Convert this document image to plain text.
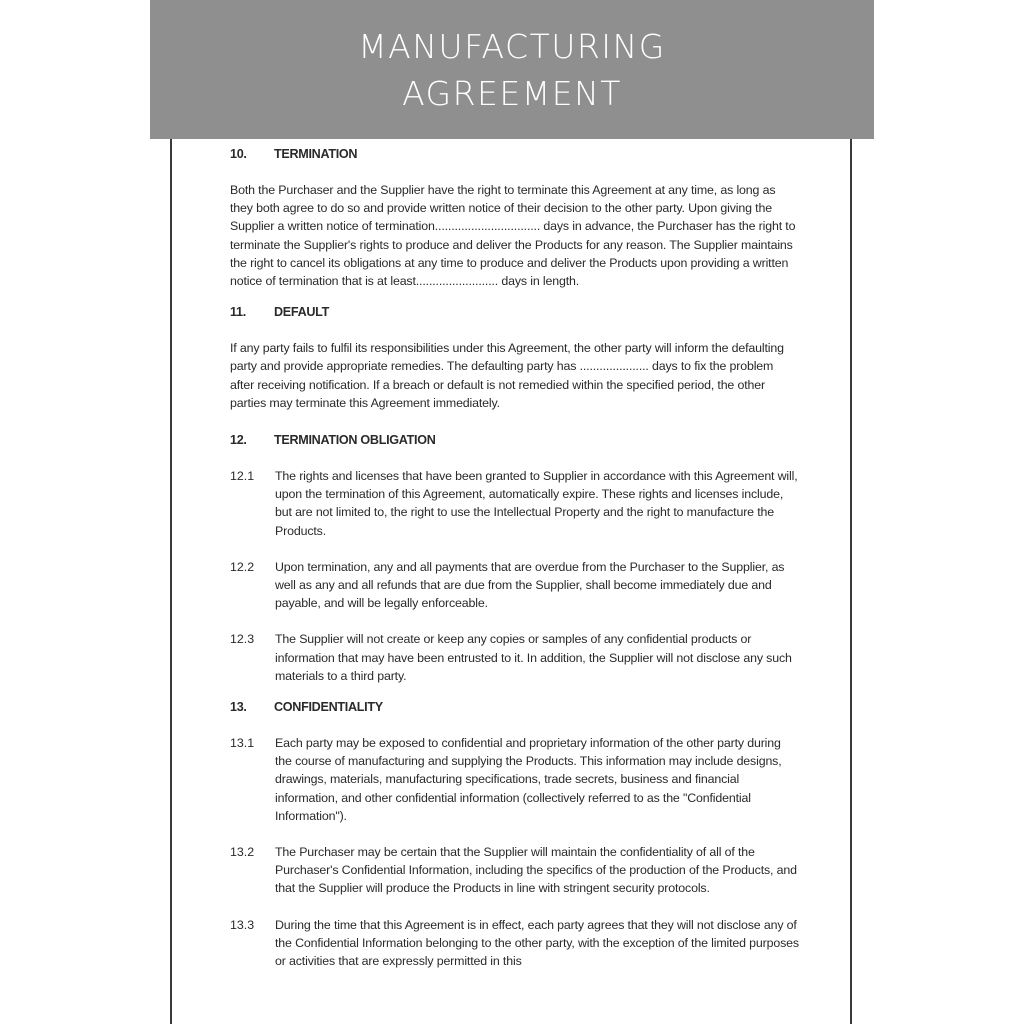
MANUFACTURING
AGREEMENT
10.	TERMINATION

Both the Purchaser and the Supplier have the right to terminate this Agreement at any time, as long as they both agree to do so and provide written notice of their decision to the other party. Upon giving the Supplier a written notice of termination................................ days in advance, the Purchaser has the right to terminate the Supplier's rights to produce and deliver the Products for any reason. The Supplier maintains the right to cancel its obligations at any time to produce and deliver the Products upon providing a written notice of termination that is at least......................... days in length.

11.	DEFAULT

If any party fails to fulfil its responsibilities under this Agreement, the other party will inform the defaulting party and provide appropriate remedies. The defaulting party has ..................... days to fix the problem after receiving notification. If a breach or default is not remedied within the specified period, the other parties may terminate this Agreement immediately.

12.	TERMINATION OBLIGATION
12.1	The rights and licenses that have been granted to Supplier in accordance with this Agreement will, upon the termination of this Agreement, automatically expire. These rights and licenses include, but are not limited to, the right to use the Intellectual Property and the right to manufacture the Products.
12.2	Upon termination, any and all payments that are overdue from the Purchaser to the Supplier, as well as any and all refunds that are due from the Supplier, shall become immediately due and payable, and will be legally enforceable.
12.3	The Supplier will not create or keep any copies or samples of any confidential products or information that may have been entrusted to it. In addition, the Supplier will not disclose any such materials to a third party.
13.	CONFIDENTIALITY
13.1	Each party may be exposed to confidential and proprietary information of the other party during the course of manufacturing and supplying the Products. This information may include designs, drawings, materials, manufacturing specifications, trade secrets, business and financial information, and other confidential information (collectively referred to as the "Confidential Information").
13.2	The Purchaser may be certain that the Supplier will maintain the confidentiality of all of the Purchaser's Confidential Information, including the specifics of the production of the Products, and that the Supplier will produce the Products in line with stringent security protocols.
13.3	During the time that this Agreement is in effect, each party agrees that they will not disclose any of the Confidential Information belonging to the other party, with the exception of the limited purposes or activities that are expressly permitted in this
